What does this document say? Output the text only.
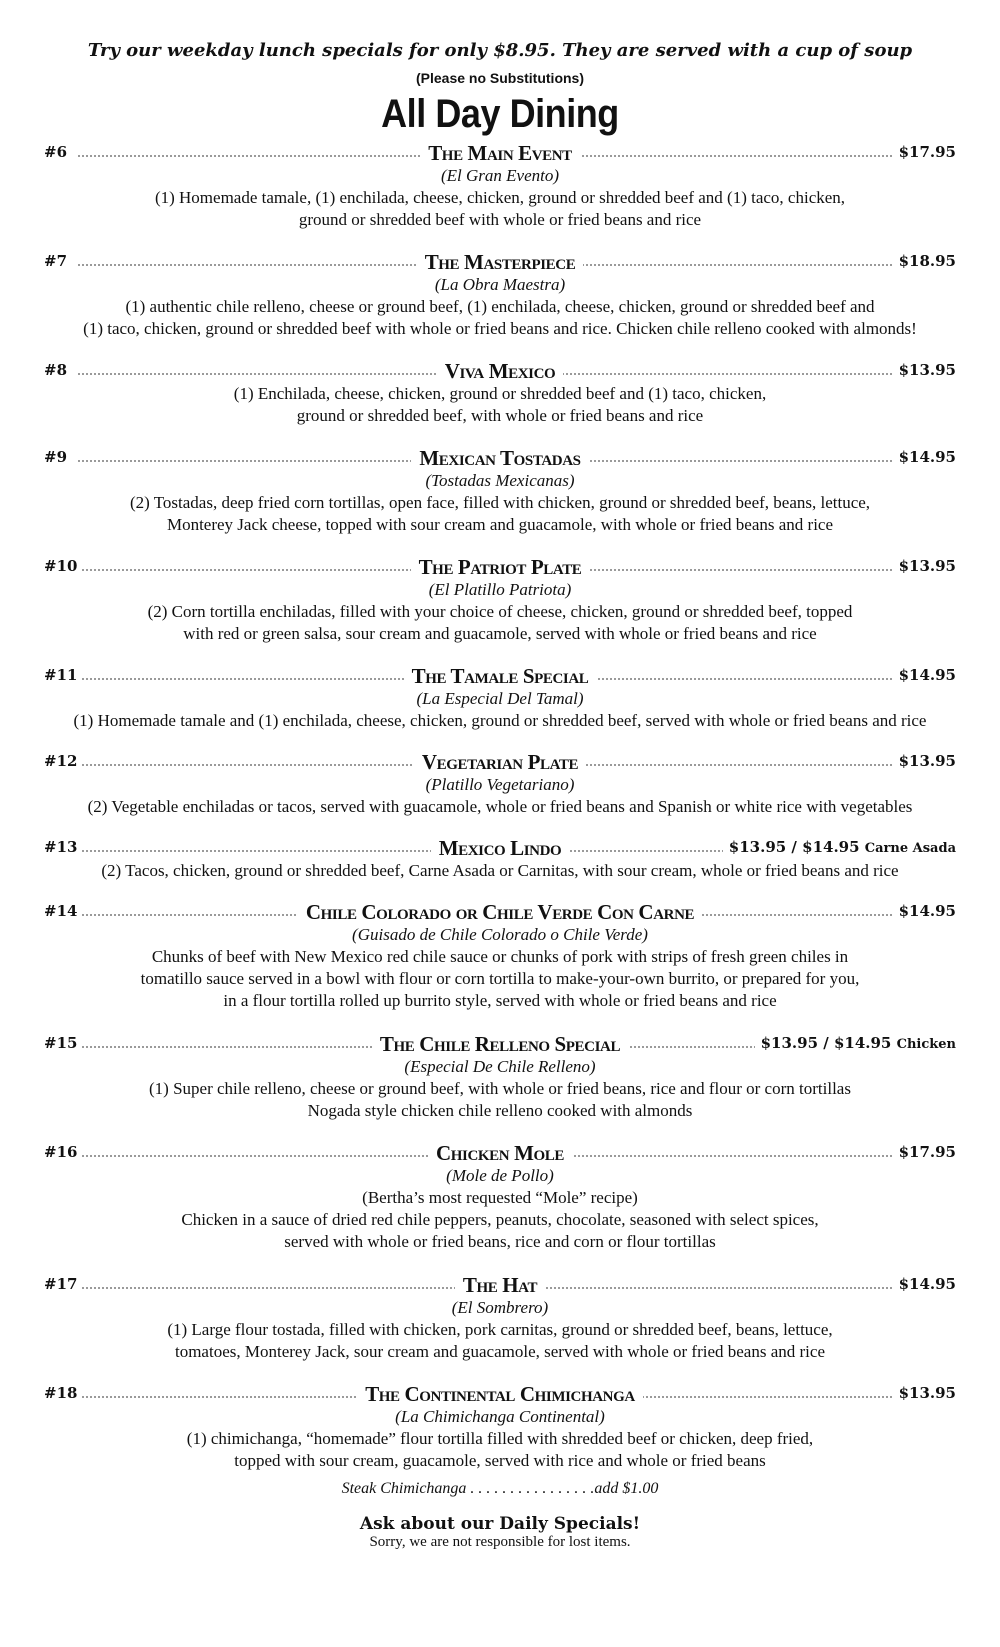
Try our weekday lunch specials for only $8.95. They are served with a cup of soup
(Please no Substitutions)
All Day Dining
#6	The Main Event	$17.95
(El Gran Evento)
(1) Homemade tamale, (1) enchilada, cheese, chicken, ground or shredded beef and (1) taco, chicken,
ground or shredded beef with whole or fried beans and rice
#7	The Masterpiece	$18.95
(La Obra Maestra)
(1) authentic chile relleno, cheese or ground beef, (1) enchilada, cheese, chicken, ground or shredded beef and
(1) taco, chicken, ground or shredded beef with whole or fried beans and rice. Chicken chile relleno cooked with almonds!
#8	Viva Mexico	$13.95
(1) Enchilada, cheese, chicken, ground or shredded beef and (1) taco, chicken,
ground or shredded beef, with whole or fried beans and rice
#9	Mexican Tostadas	$14.95
(Tostadas Mexicanas)
(2) Tostadas, deep fried corn tortillas, open face, filled with chicken, ground or shredded beef, beans, lettuce,
Monterey Jack cheese, topped with sour cream and guacamole, with whole or fried beans and rice
#10	The Patriot Plate	$13.95
(El Platillo Patriota)
(2) Corn tortilla enchiladas, filled with your choice of cheese, chicken, ground or shredded beef, topped
with red or green salsa, sour cream and guacamole, served with whole or fried beans and rice
#11	The Tamale Special	$14.95
(La Especial Del Tamal)
(1) Homemade tamale and (1) enchilada, cheese, chicken, ground or shredded beef, served with whole or fried beans and rice
#12	Vegetarian Plate	$13.95
(Platillo Vegetariano)
(2) Vegetable enchiladas or tacos, served with guacamole, whole or fried beans and Spanish or white rice with vegetables
#13	Mexico Lindo	$13.95 / $14.95 Carne Asada
(2) Tacos, chicken, ground or shredded beef, Carne Asada or Carnitas, with sour cream, whole or fried beans and rice
#14	Chile Colorado or Chile Verde Con Carne	$14.95
(Guisado de Chile Colorado o Chile Verde)
Chunks of beef with New Mexico red chile sauce or chunks of pork with strips of fresh green chiles in
tomatillo sauce served in a bowl with flour or corn tortilla to make-your-own burrito, or prepared for you,
in a flour tortilla rolled up burrito style, served with whole or fried beans and rice
#15	The Chile Relleno Special	$13.95 / $14.95 Chicken
(Especial De Chile Relleno)
(1) Super chile relleno, cheese or ground beef, with whole or fried beans, rice and flour or corn tortillas
Nogada style chicken chile relleno cooked with almonds
#16	Chicken Mole	$17.95
(Mole de Pollo)
(Bertha’s most requested “Mole” recipe)
Chicken in a sauce of dried red chile peppers, peanuts, chocolate, seasoned with select spices,
served with whole or fried beans, rice and corn or flour tortillas
#17	The Hat	$14.95
(El Sombrero)
(1) Large flour tostada, filled with chicken, pork carnitas, ground or shredded beef, beans, lettuce,
tomatoes, Monterey Jack, sour cream and guacamole, served with whole or fried beans and rice
#18	The Continental Chimichanga	$13.95
(La Chimichanga Continental)
(1) chimichanga, “homemade” flour tortilla filled with shredded beef or chicken, deep fried,
topped with sour cream, guacamole, served with rice and whole or fried beans
Steak Chimichanga . . . . . . . . . . . . . . . .add $1.00
Ask about our Daily Specials!
Sorry, we are not responsible for lost items.
